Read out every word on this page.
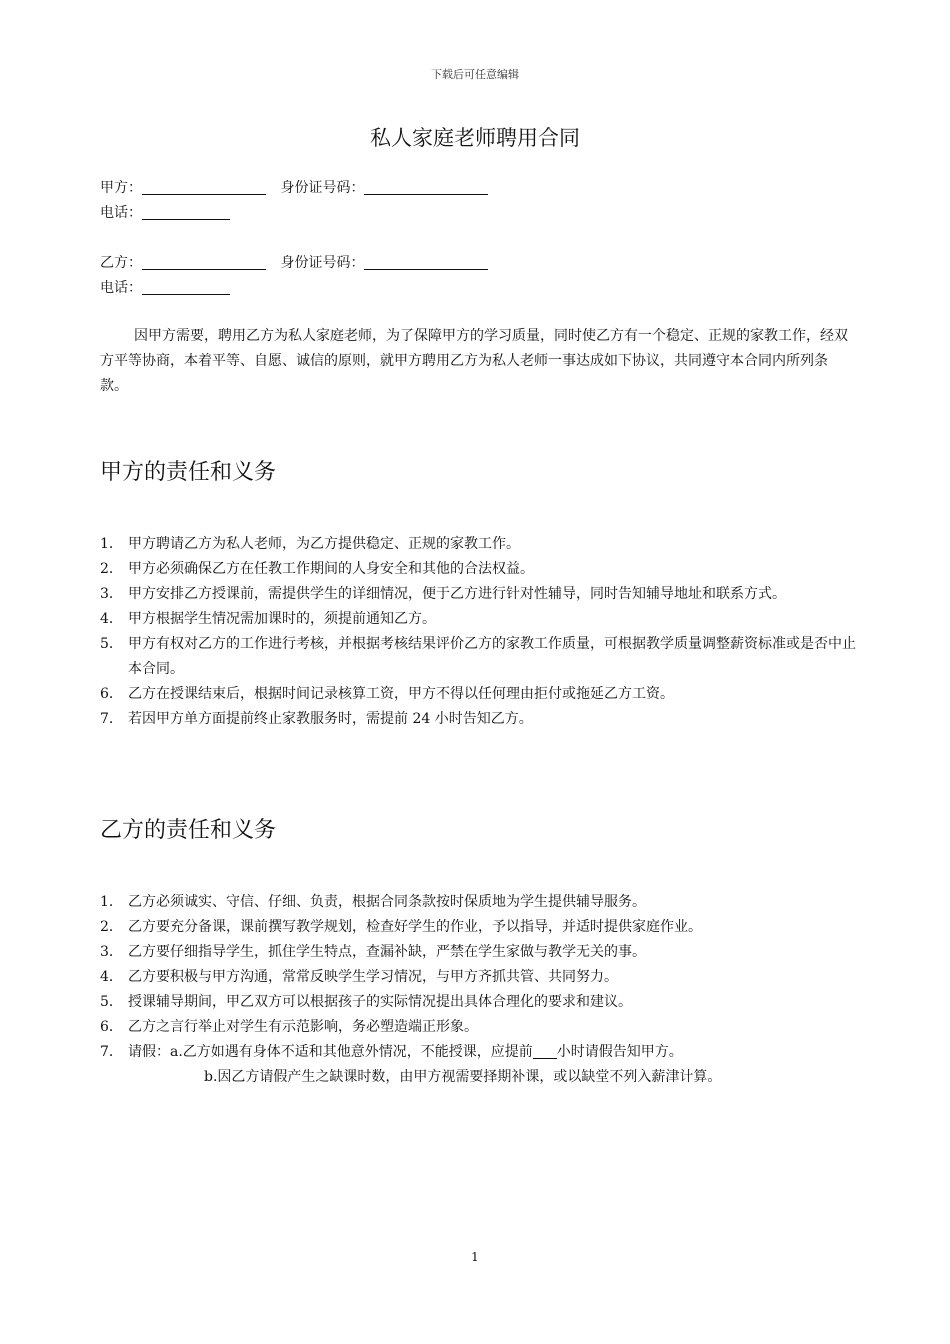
下载后可任意编辑
私人家庭老师聘用合同
甲方：	身份证号码：
电话：
乙方：	身份证号码：
电话：

因甲方需要，聘用乙方为私人家庭老师，为了保障甲方的学习质量，同时使乙方有一个稳定、正规的家教工作，经双方平等协商，本着平等、自愿、诚信的原则，就甲方聘用乙方为私人老师一事达成如下协议，共同遵守本合同内所列条款。

甲方的责任和义务
1． 甲方聘请乙方为私人老师，为乙方提供稳定、正规的家教工作。
2． 甲方必须确保乙方在任教工作期间的人身安全和其他的合法权益。
3． 甲方安排乙方授课前，需提供学生的详细情况，便于乙方进行针对性辅导，同时告知辅导地址和联系方式。
4． 甲方根据学生情况需加课时的，须提前通知乙方。
5． 甲方有权对乙方的工作进行考核，并根据考核结果评价乙方的家教工作质量，可根据教学质量调整薪资标准或是否中止本合同。
6． 乙方在授课结束后，根据时间记录核算工资，甲方不得以任何理由拒付或拖延乙方工资。
7． 若因甲方单方面提前终止家教服务时，需提前 24 小时告知乙方。
乙方的责任和义务
1． 乙方必须诚实、守信、仔细、负责，根据合同条款按时保质地为学生提供辅导服务。
2． 乙方要充分备课，课前撰写教学规划，检查好学生的作业，予以指导，并适时提供家庭作业。
3． 乙方要仔细指导学生，抓住学生特点，查漏补缺，严禁在学生家做与教学无关的事。
4． 乙方要积极与甲方沟通，常常反映学生学习情况，与甲方齐抓共管、共同努力。
5． 授课辅导期间，甲乙双方可以根据孩子的实际情况提出具体合理化的要求和建议。
6． 乙方之言行举止对学生有示范影响，务必塑造端正形象。
7． 请假：a.乙方如遇有身体不适和其他意外情况，不能授课，应提前 小时请假告知甲方。
b.因乙方请假产生之缺课时数，由甲方视需要择期补课，或以缺堂不列入薪津计算。
1
